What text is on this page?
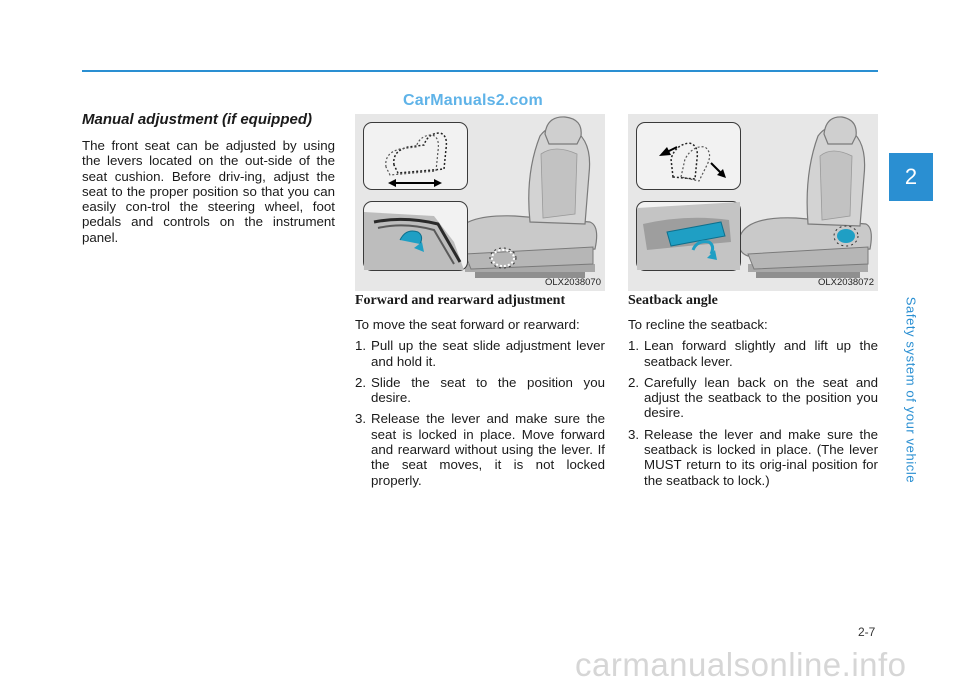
CarManuals2.com
2
Safety system of your vehicle

Manual adjustment (if equipped)

The front seat can be adjusted by using the levers located on the out-side of the seat cushion. Before driv-ing, adjust the seat to the proper position so that you can easily con-trol the steering wheel, foot pedals and controls on the instrument panel.

OLX2038070	OLX2038072
Forward and rearward adjustment

To move the seat forward or rearward:

1. Pull up the seat slide adjustment lever and hold it.
2. Slide the seat to the position you desire.
3. Release the lever and make sure the seat is locked in place. Move forward and rearward without using the lever. If the seat moves, it is not locked properly.
Seatback angle

To recline the seatback:

1. Lean forward slightly and lift up the seatback lever.
2. Carefully lean back on the seat and adjust the seatback to the position you desire.
3. Release the lever and make sure the seatback is locked in place. (The lever MUST return to its orig-inal position for the seatback to lock.)
2-7
carmanualsonline.info
